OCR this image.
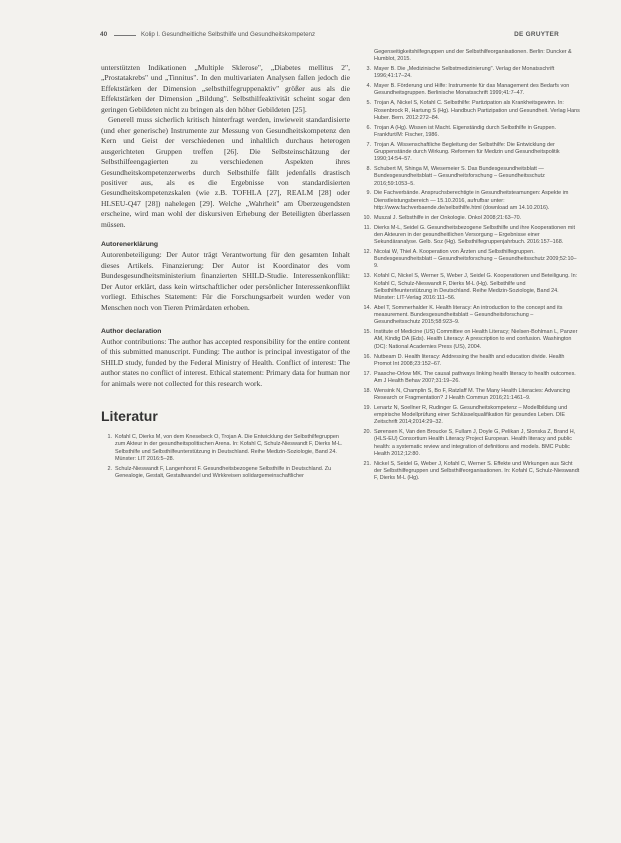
40	Kolip I. Gesundheitliche Selbsthilfe und Gesundheitskompetenz	DE GRUYTER

unterstützten Indikationen „Multiple Sklerose", „Diabetes mellitus 2", „Prostatakrebs" und „Tinnitus". In den multivariaten Analysen fallen jedoch die Effektstärken der Dimension „selbsthilfegruppenaktiv" größer aus als die Effektstärken der Dimension „Bildung". Selbsthilfeaktivität scheint sogar den geringen Gebildeten nicht zu bringen als den höher Gebildeten [25].

Generell muss sicherlich kritisch hinterfragt werden, inwieweit standardisierte (und eher generische) Instrumente zur Messung von Gesundheitskompetenz den Kern und Geist der verschiedenen und inhaltlich durchaus heterogen ausgerichteten Gruppen treffen [26]. Die Selbsteinschätzung der Selbsthilfeengagierten zu verschiedenen Aspekten ihres Gesundheitskompetenzerwerbs durch Selbsthilfe fällt jedenfalls drastisch positiver aus, als es die Ergebnisse von standardisierten Gesundheitskompetenzskalen (wie z.B. TOFHLA [27], REALM [28] oder HLSEU-Q47 [28]) nahelegen [29]. Welche „Wahrheit" am Überzeugendsten erscheine, wird man wohl der diskursiven Erhebung der Beteiligten überlassen müssen.

Autorenerklärung

Autorenbeteiligung: Der Autor trägt Verantwortung für den gesamten Inhalt dieses Artikels. Finanzierung: Der Autor ist Koordinator des vom Bundesgesundheitsministerium finanzierten SHILD-Studie. Interessenkonflikt: Der Autor erklärt, dass kein wirtschaftlicher oder persönlicher Interessenkonflikt vorliegt. Ethisches Statement: Für die Forschungsarbeit wurden weder von Menschen noch von Tieren Primärdaten erhoben.

Author declaration

Author contributions: The author has accepted responsibility for the entire content of this submitted manuscript. Funding: The author is principal investigator of the SHILD study, funded by the Federal Ministry of Health. Conflict of interest: The author states no conflict of interest. Ethical statement: Primary data for human nor for animals were not collected for this research work.

Literatur
1. Kofahl C, Dierks M, von dem Knesebeck O, Trojan A. Die Entwicklung der Selbsthilfegruppen zum Akteur in der gesundheitspolitischen Arena. In: Kofahl C, Schulz-Nieswandt F, Dierks M-L. Selbsthilfe und Selbsthilfeunterstützung in Deutschland. Reihe Medizin-Soziologie, Band 24. Münster: LIT 2016:5–28.
2. Schulz-Nieswandt F, Langenhorst F. Gesundheitsbezogene Selbsthilfe in Deutschland. Zu Genealogie, Gestalt, Gestaltwandel und Wirkkreisen solidargemeinschaftlicher
Gegenseitigkeitshilfegruppen und der Selbsthilfeorganisationen. Berlin: Duncker & Humblot, 2015.
3. Mayer B. Die „Medizinische Selbstmedizinierung". Verlag der Monatsschrift 1996;41:17–24.
4. Mayer B. Förderung und Hilfe: Instrumente für das Management des Bedarfs von Gesundheitsgruppen. Berlinische Monatsschrift 1999;41:7–47.
5. Trojan A, Nickel S, Kofahl C. Selbsthilfe: Partizipation als Krankheitsgewinn. In: Rosenbrock R, Hartung S (Hg). Handbuch Partizipation und Gesundheit. Verlag Hans Huber. Bern. 2012:272–84.
6. Trojan A (Hg). Wissen ist Macht. Eigenständig durch Selbsthilfe in Gruppen. Frankfurt/M: Fischer, 1986.
7. Trojan A. Wissenschaftliche Begleitung der Selbsthilfe: Die Entwicklung der Gruppenstände durch Wirkung. Reformen für Medizin und Gesundheitspolitik 1990;14:54–57.
8. Schubert M, Shinga M, Wiesemeier S. Das Bundesgesundheitsblatt — Bundesgesundheitsblatt – Gesundheitsforschung – Gesundheitsschutz 2016;59:1053–5.
9. Die Fachverbände. Anspruchsberechtigte in Gesundheitsteamungen: Aspekte im Dienstleistungsbereich — 15.10.2016, aufrufbar unter: http://www.fachverbaende.de/selbsthilfe.html (download am 14.10.2016).
10. Muszal J. Selbsthilfe in der Onkologie. Onkol 2008;21:63–70.
11. Dierks M-L, Seidel G. Gesundheitsbezogene Selbsthilfe und ihre Kooperationen mit den Akteuren in der gesundheitlichen Versorgung – Ergebnisse einer Sekundäranalyse. Gelb. Soz (Hg). Selbsthilfegruppenjahrbuch. 2016:157–168.
12. Nicolai W, Thiel A. Kooperation von Ärzten und Selbsthilfegruppen. Bundesgesundheitsblatt – Gesundheitsforschung – Gesundheitsschutz 2009;52:10–9.
13. Kofahl C, Nickel S, Werner S, Weber J, Seidel G. Kooperationen und Beteiligung. In: Kofahl C, Schulz-Nieswandt F, Dierks M-L (Hg). Selbsthilfe und Selbsthilfeunterstützung in Deutschland. Reihe Medizin-Soziologie, Band 24. Münster: LIT-Verlag 2016:111–56.
14. Abel T, Sommerhalder K. Health literacy: An introduction to the concept and its measurement. Bundesgesundheitsblatt – Gesundheitsforschung – Gesundheitsschutz 2015;58:923–9.
15. Institute of Medicine (US) Committee on Health Literacy; Nielsen-Bohlman L, Panzer AM, Kindig DA (Eds). Health Literacy: A prescription to end confusion. Washington (DC): National Academies Press (US), 2004.
16. Nutbeam D. Health literacy: Addressing the health and education divide. Health Promot Int 2008;23:152–67.
17. Paasche-Orlow MK. The causal pathways linking health literacy to health outcomes. Am J Health Behav 2007;31:19–26.
18. Wensink N, Champlin S, Bo F, Ratzlaff M. The Many Health Literacies: Advancing Research or Fragmentation? J Health Commun 2016;21:1461–9.
19. Lenartz N, Soellner R, Rudinger G. Gesundheitskompetenz – Modellbildung und empirische Modellprüfung einer Schlüsselqualifikation für gesundes Leben. DIE Zeitschrift 2014;2014:29–32.
20. Sørensen K, Van den Broucke S, Fullam J, Doyle G, Pelikan J, Slonska Z, Brand H, (HLS-EU) Consortium Health Literacy Project European. Health literacy and public health: a systematic review and integration of definitions and models. BMC Public Health 2012;12:80.
21. Nickel S, Seidel G, Weber J, Kofahl C, Werner S. Effekte und Wirkungen aus Sicht der Selbsthilfegruppen und Selbsthilfeorganisationen. In: Kofahl C, Schulz-Nieswandt F, Dierks M-L (Hg).
